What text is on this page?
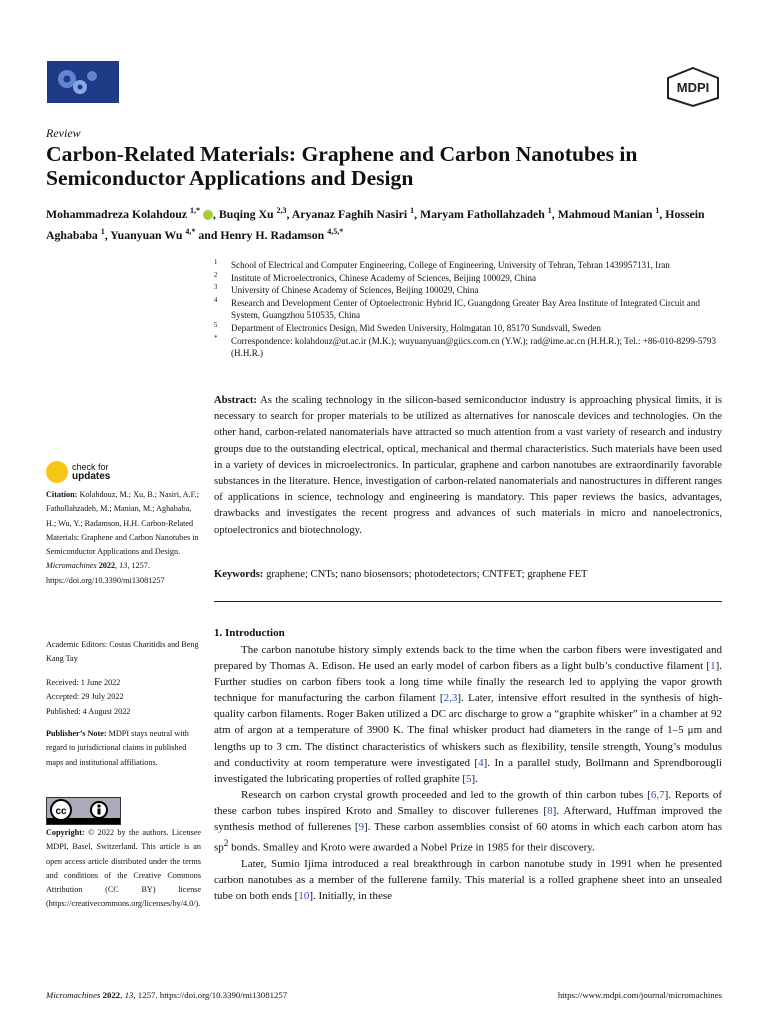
MDPI
Review
Carbon-Related Materials: Graphene and Carbon Nanotubes in Semiconductor Applications and Design
Mohammadreza Kolahdouz $^{1,*}$ , Buqing Xu $^{2,3}$, Aryanaz Faghih Nasiri $^1$, Maryam Fathollahzadeh $^1$, Mahmoud Manian $^1$, Hossein Aghababa $^1$, Yuanyuan Wu $^{4,*}$ and Henry H. Radamson $^{4,5,*}$
1 School of Electrical and Computer Engineering, College of Engineering, University of Tehran, Tehran 1439957131, Iran
2 Institute of Microelectronics, Chinese Academy of Sciences, Beijing 100029, China
3 University of Chinese Academy of Sciences, Beijing 100029, China
4 Research and Development Center of Optoelectronic Hybrid IC, Guangdong Greater Bay Area Institute of Integrated Circuit and System, Guangzhou 510535, China
5 Department of Electronics Design, Mid Sweden University, Holmgatan 10, 85170 Sundsvall, Sweden
* Correspondence: kolahdouz@ut.ac.ir (M.K.); wuyuanyuan@giics.com.cn (Y.W.); rad@ime.ac.cn (H.H.R.); Tel.: +86-010-8299-5793 (H.H.R.)
Abstract: As the scaling technology in the silicon-based semiconductor industry is approaching physical limits, it is necessary to search for proper materials to be utilized as alternatives for nanoscale devices and technologies. On the other hand, carbon-related nanomaterials have attracted so much attention from a vast variety of research and industry groups due to the outstanding electrical, optical, mechanical and thermal characteristics. Such materials have been used in a variety of devices in microelectronics. In particular, graphene and carbon nanotubes are extraordinarily favorable substances in the literature. Hence, investigation of carbon-related nanomaterials and nanostructures in different ranges of applications in science, technology and engineering is mandatory. This paper reviews the basics, advantages, drawbacks and investigates the recent progress and advances of such materials in micro and nanoelectronics, optoelectronics and biotechnology.
Keywords: graphene; CNTs; nano biosensors; photodetectors; CNTFET; graphene FET
check for
updates
Citation: Kolahdouz, M.; Xu, B.; Nasiri, A.F.; Fathollahzadeh, M.; Manian, M.; Aghababa, H.; Wu, Y.; Radamson, H.H. Carbon-Related Materials: Graphene and Carbon Nanotubes in Semiconductor Applications and Design. Micromachines 2022, 13, 1257. https://doi.org/10.3390/mi13081257
Academic Editors: Costas Charitidis and Beng Kang Tay
Received: 1 June 2022
Accepted: 29 July 2022
Published: 4 August 2022
Publisher’s Note: MDPI stays neutral with regard to jurisdictional claims in published maps and institutional affiliations.
cc
Copyright: © 2022 by the authors. Licensee MDPI, Basel, Switzerland. This article is an open access article distributed under the terms and conditions of the Creative Commons Attribution (CC BY) license (https://creativecommons.org/licenses/by/4.0/).
1. Introduction

The carbon nanotube history simply extends back to the time when the carbon fibers were investigated and prepared by Thomas A. Edison. He used an early model of carbon fibers as a light bulb’s conductive filament [1]. Further studies on carbon fibers took a long time while finally the research led to applying the vapor growth technique for manufacturing the carbon filament [2,3]. Later, intensive effort resulted in the synthesis of high-quality carbon filaments. Roger Baken utilized a DC arc discharge to grow a “graphite whisker” in a chamber at 92 atm of argon at a temperature of 3900 K. The final whisker product had diameters in the range of 1–5 μm and lengths up to 3 cm. The distinct characteristics of whiskers such as flexibility, tensile strength, Young’s modulus and conductivity at room temperature were investigated [4]. In a parallel study, Bollmann and Sprendborougli investigated the lubricating properties of rolled graphite [5].

Research on carbon crystal growth proceeded and led to the growth of thin carbon tubes [6,7]. Reports of these carbon tubes inspired Kroto and Smalley to discover fullerenes [8]. Afterward, Huffman improved the synthesis method of fullerenes [9]. These carbon assemblies consist of 60 atoms in which each carbon atom has $sp^2$ bonds. Smalley and Kroto were awarded a Nobel Prize in 1985 for their discovery.

Later, Sumio Ijima introduced a real breakthrough in carbon nanotube study in 1991 when he presented carbon nanotubes as a member of the fullerene family. This material is a rolled graphene sheet into an unsealed tube on both ends [10]. Initially, in these

Micromachines 2022, 13, 1257. https://doi.org/10.3390/mi13081257	https://www.mdpi.com/journal/micromachines
